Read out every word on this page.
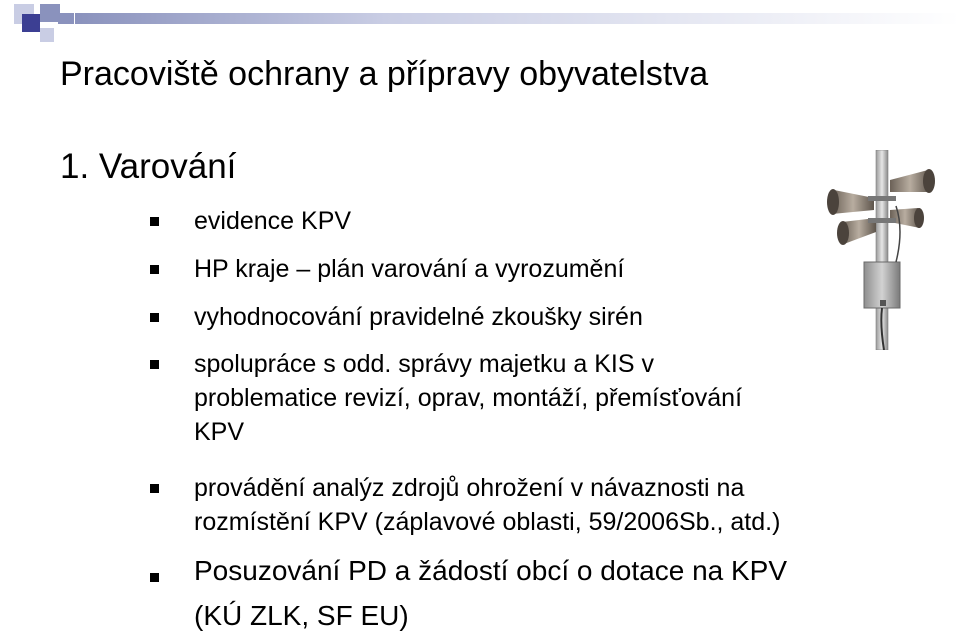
Pracoviště ochrany a přípravy obyvatelstva
1. Varování
evidence KPV
HP kraje – plán varování a vyrozumění
vyhodnocování pravidelné zkoušky sirén
spolupráce s odd. správy majetku a KIS v
problematice revizí, oprav, montáží, přemísťování
KPV
provádění analýz zdrojů ohrožení v návaznosti na
rozmístění KPV (záplavové oblasti, 59/2006Sb., atd.)
Posuzování PD a žádostí obcí o dotace na KPV
(KÚ ZLK, SF EU)
